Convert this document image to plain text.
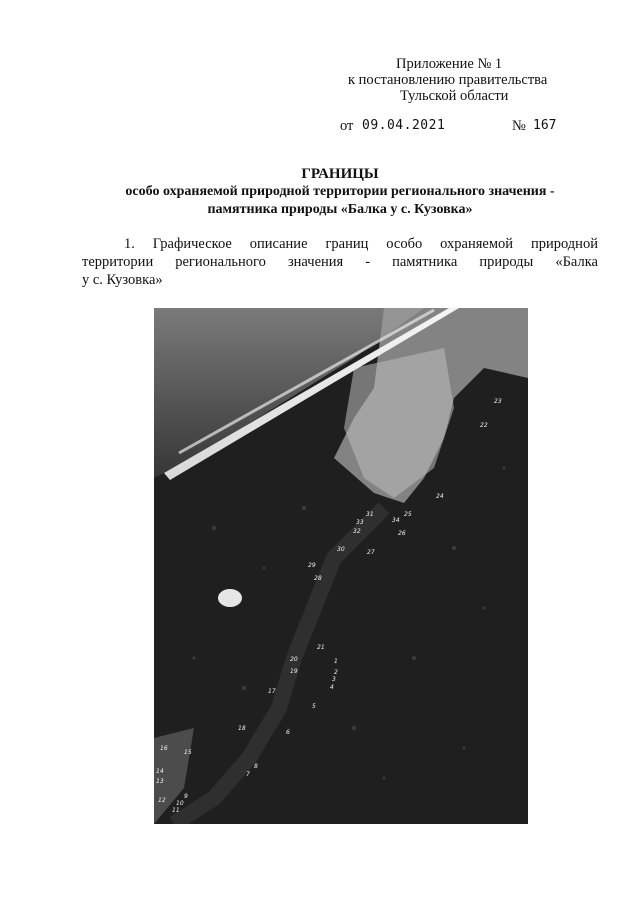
Приложение № 1
к постановлению правительства
Тульской области
от 09.04.2021	№ 167
ГРАНИЦЫ
особо охраняемой природной территории регионального значения -
памятника природы «Балка у с. Кузовка»
1. Графическое описание границ особо охраняемой природной
территории регионального значения - памятника природы «Балка
у с. Кузовка»
1
2
3
4
5
6
7
8
9
10
11
12
13
14
15
16
17
18
19
20
21
22
23
24
25
26
27
28
29
30
31
32
33	34
